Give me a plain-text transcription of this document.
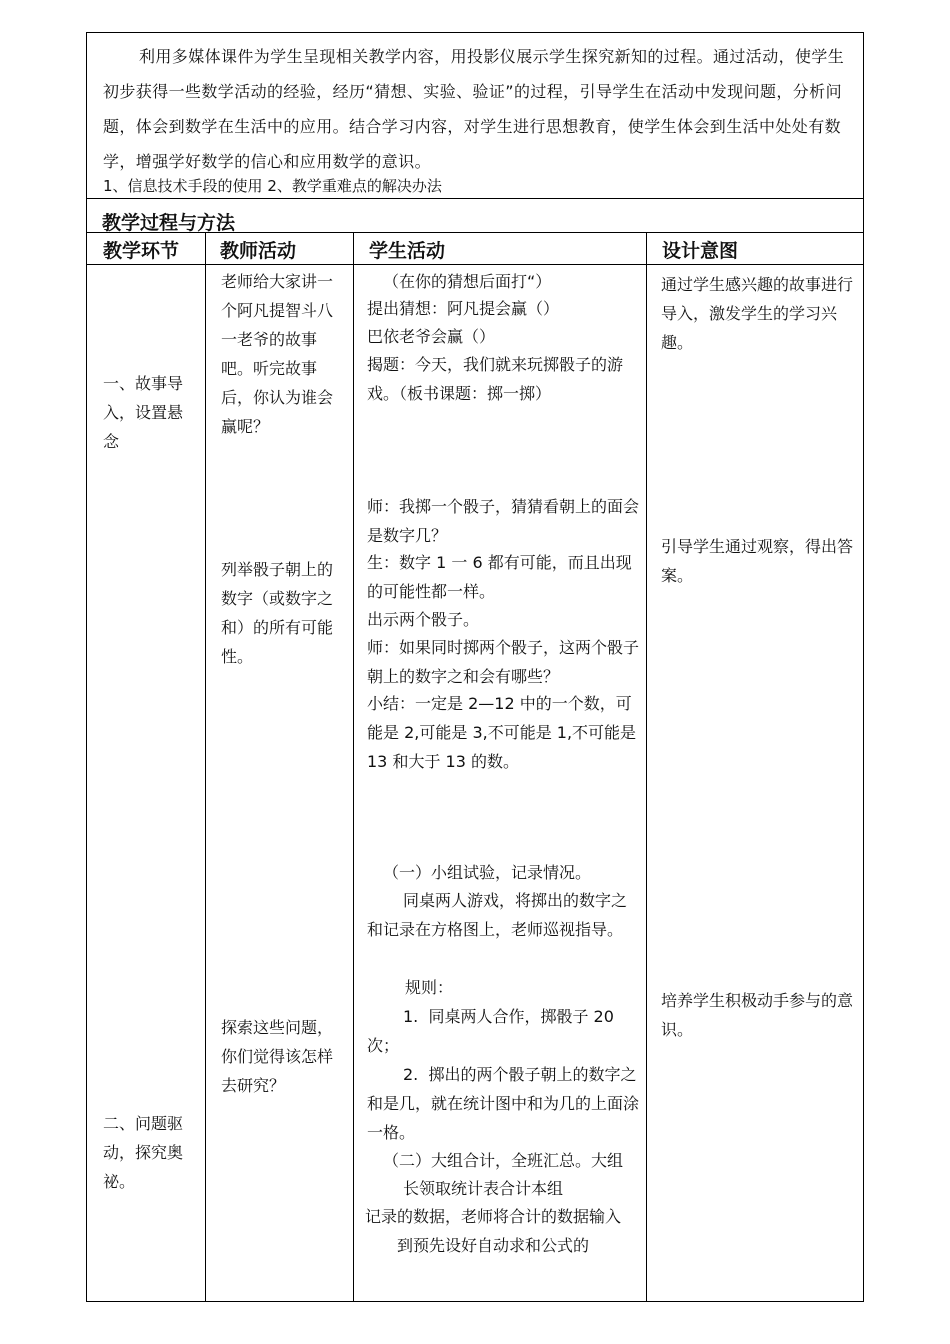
利用多媒体课件为学生呈现相关教学内容，用投影仪展示学生探究新知的过程。通过活动，使学生初步获得一些数学活动的经验，经历“猜想、实验、验证”的过程，引导学生在活动中发现问题，分析问题，体会到数学在生活中的应用。结合学习内容，对学生进行思想教育，使学生体会到生活中处处有数学，增强学好数学的信心和应用数学的意识。
1、信息技术手段的使用 2、教学重难点的解决办法
教学过程与方法
教学环节 教师活动	学生活动	设计意图
一、故事导入，设置悬念
老师给大家讲一个阿凡提智斗八一老爷的故事吧。听完故事后，你认为谁会赢呢？
列举骰子朝上的数字（或数字之和）的所有可能性。
（在你的猜想后面打“）
提出猜想：阿凡提会赢（）
巴依老爷会赢（）
揭题：今天，我们就来玩掷骰子的游戏。（板书课题：掷一掷）
师：我掷一个骰子，猜猜看朝上的面会是数字几？
生：数字 1 一 6 都有可能，而且出现的可能性都一样。
出示两个骰子。
师：如果同时掷两个骰子，这两个骰子朝上的数字之和会有哪些？
小结：一定是 2—12 中的一个数，可能是 2,可能是 3,不可能是 1,不可能是 13 和大于 13 的数。
通过学生感兴趣的故事进行导入，激发学生的学习兴趣。
引导学生通过观察，得出答案。
二、问题驱动，探究奥祕。
探索这些问题，你们觉得该怎样去研究？
（一）小组试验，记录情况。
同桌两人游戏，将掷出的数字之和记录在方格图上，老师巡视指导。
规则：
1.  同桌两人合作，掷骰子 20 次；
2.  掷出的两个骰子朝上的数字之和是几，就在统计图中和为几的上面涂一格。
（二）大组合计，全班汇总。大组
长领取统计表合计本组
记录的数据，老师将合计的数据输入
到预先设好自动求和公式的
培养学生积极动手参与的意识。
